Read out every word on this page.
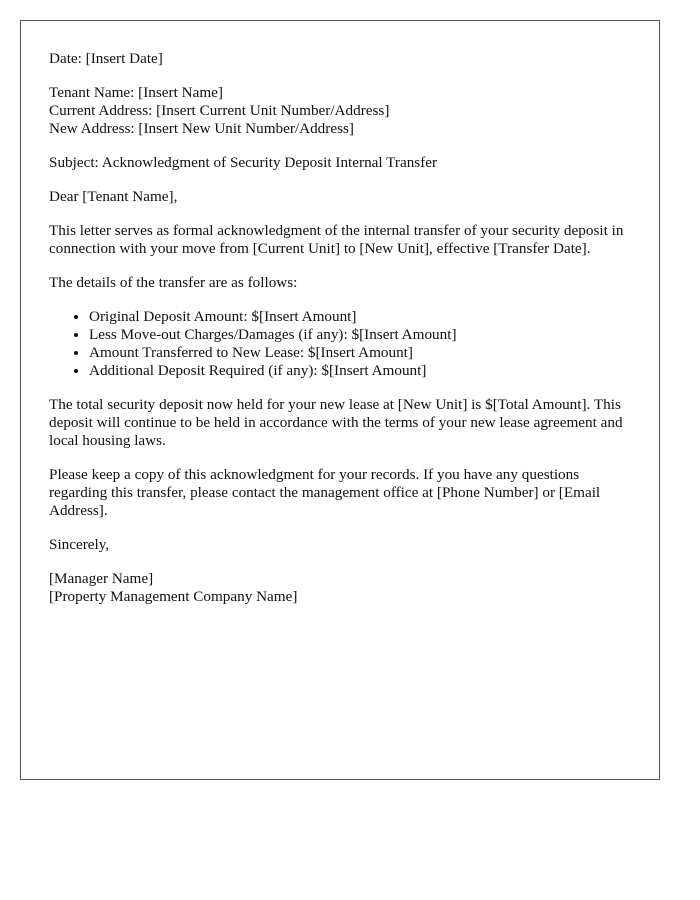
Date: [Insert Date]

Tenant Name: [Insert Name]
Current Address: [Insert Current Unit Number/Address]
New Address: [Insert New Unit Number/Address]

Subject: Acknowledgment of Security Deposit Internal Transfer

Dear [Tenant Name],

This letter serves as formal acknowledgment of the internal transfer of your security deposit in connection with your move from [Current Unit] to [New Unit], effective [Transfer Date].

The details of the transfer are as follows:

• Original Deposit Amount: $[Insert Amount]
• Less Move-out Charges/Damages (if any): $[Insert Amount]
• Amount Transferred to New Lease: $[Insert Amount]
• Additional Deposit Required (if any): $[Insert Amount]

The total security deposit now held for your new lease at [New Unit] is $[Total Amount]. This deposit will continue to be held in accordance with the terms of your new lease agreement and local housing laws.

Please keep a copy of this acknowledgment for your records. If you have any questions regarding this transfer, please contact the management office at [Phone Number] or [Email Address].

Sincerely,

[Manager Name]
[Property Management Company Name]
